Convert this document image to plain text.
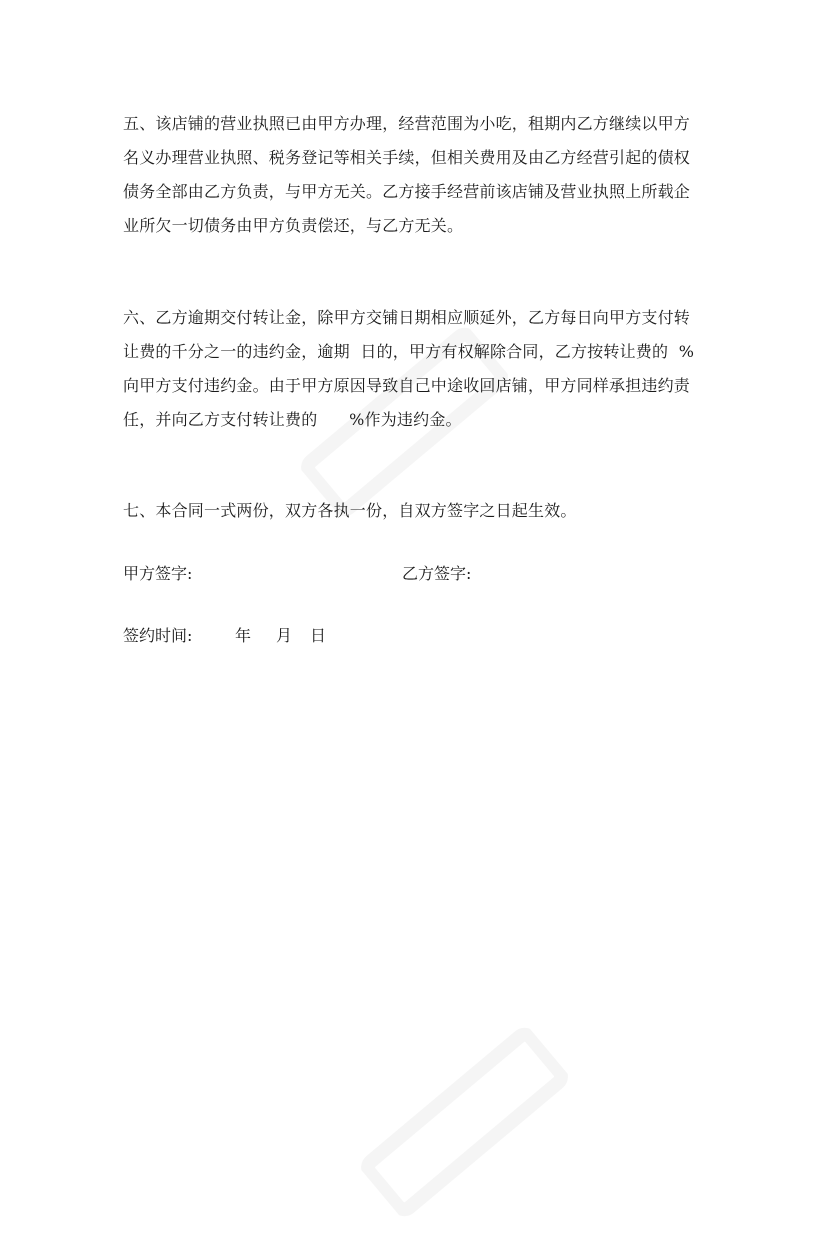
五、该店铺的营业执照已由甲方办理，经营范围为小吃，租期内乙方继续以甲方
名义办理营业执照、税务登记等相关手续，但相关费用及由乙方经营引起的债权
债务全部由乙方负责，与甲方无关。乙方接手经营前该店铺及营业执照上所载企
业所欠一切债务由甲方负责偿还，与乙方无关。

六、乙方逾期交付转让金，除甲方交铺日期相应顺延外，乙方每日向甲方支付转
让费的千分之一的违约金，逾期  日的，甲方有权解除合同，乙方按转让费的  %
向甲方支付违约金。由于甲方原因导致自己中途收回店铺，甲方同样承担违约责
任，并向乙方支付转让费的      %作为违约金。

七、本合同一式两份，双方各执一份，自双方签字之日起生效。

甲方签字:	乙方签字:
签约时间:	年 月 日
